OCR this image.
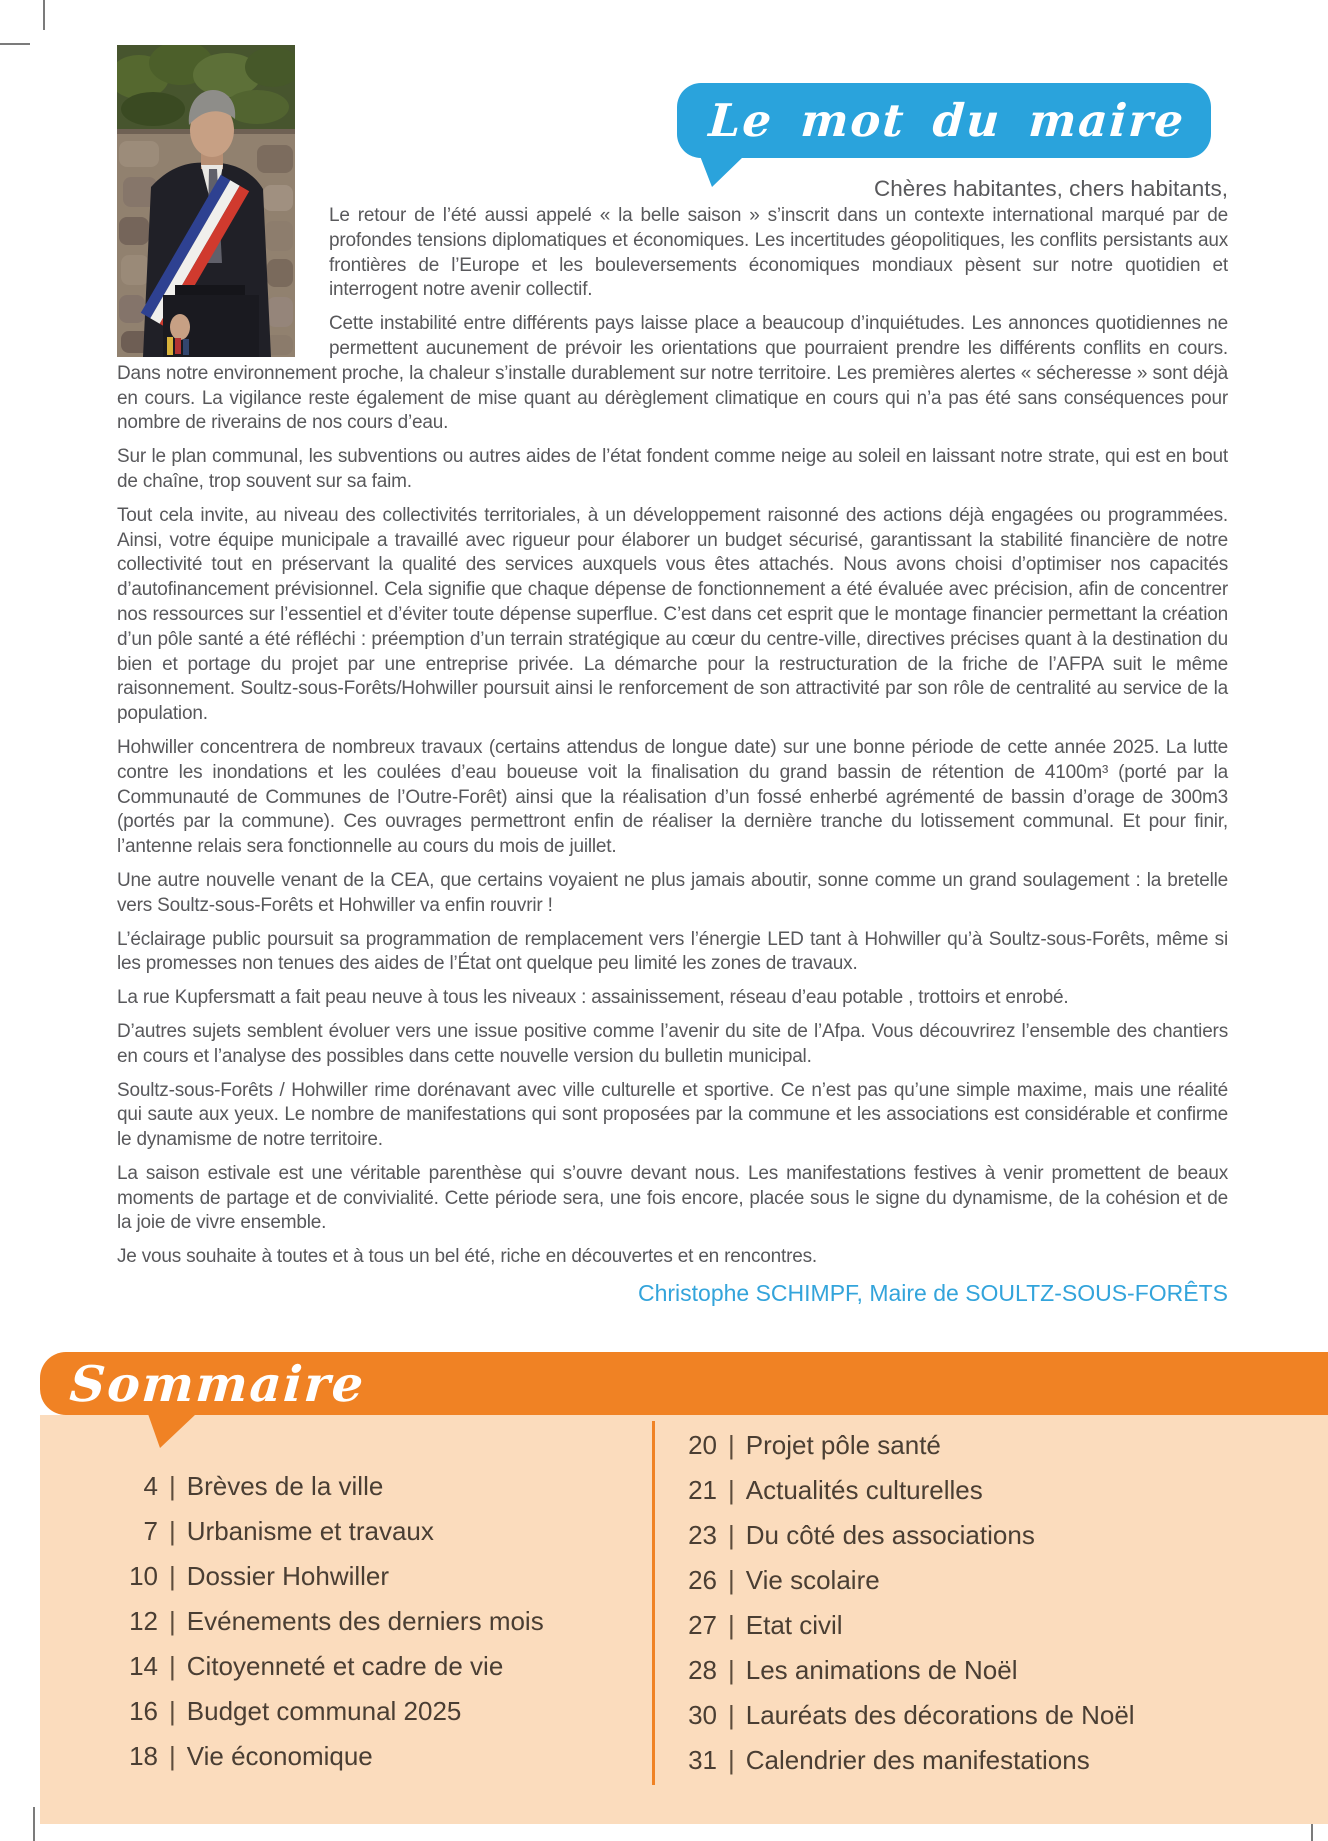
Le mot du maire
Chères habitantes, chers habitants,

Le retour de l’été aussi appelé « la belle saison » s’inscrit dans un contexte international marqué par de profondes tensions diplomatiques et économiques. Les incertitudes géopolitiques, les conflits persistants aux frontières de l’Europe et les bouleversements économiques mondiaux pèsent sur notre quotidien et interrogent notre avenir collectif.

Cette instabilité entre différents pays laisse place a beaucoup d’inquiétudes. Les annonces quotidiennes ne permettent aucunement de prévoir les orientations que pourraient prendre les différents conflits en cours. Dans notre environnement proche, la chaleur s’installe durablement sur notre territoire. Les premières alertes « sécheresse » sont déjà en cours. La vigilance reste également de mise quant au dérèglement climatique en cours qui n’a pas été sans conséquences pour nombre de riverains de nos cours d’eau.

Sur le plan communal, les subventions ou autres aides de l’état fondent comme neige au soleil en laissant notre strate, qui est en bout de chaîne, trop souvent sur sa faim.

Tout cela invite, au niveau des collectivités territoriales, à un développement raisonné des actions déjà engagées ou programmées. Ainsi, votre équipe municipale a travaillé avec rigueur pour élaborer un budget sécurisé, garantissant la stabilité financière de notre collectivité tout en préservant la qualité des services auxquels vous êtes attachés. Nous avons choisi d’optimiser nos capacités d’autofinancement prévisionnel. Cela signifie que chaque dépense de fonctionnement a été évaluée avec précision, afin de concentrer nos ressources sur l’essentiel et d’éviter toute dépense superflue. C’est dans cet esprit que le montage financier permettant la création d’un pôle santé a été réfléchi : préemption d’un terrain stratégique au cœur du centre-ville, directives précises quant à la destination du bien et portage du projet par une entreprise privée. La démarche pour la restructuration de la friche de l’AFPA suit le même raisonnement. Soultz-sous-Forêts/Hohwiller poursuit ainsi le renforcement de son attractivité par son rôle de centralité au service de la population.

Hohwiller concentrera de nombreux travaux (certains attendus de longue date) sur une bonne période de cette année 2025. La lutte contre les inondations et les coulées d’eau boueuse voit la finalisation du grand bassin de rétention de 4100m³ (porté par la Communauté de Communes de l’Outre-Forêt) ainsi que la réalisation d’un fossé enherbé agrémenté de bassin d’orage de 300m3 (portés par la commune). Ces ouvrages permettront enfin de réaliser la dernière tranche du lotissement communal. Et pour finir, l’antenne relais sera fonctionnelle au cours du mois de juillet.

Une autre nouvelle venant de la CEA, que certains voyaient ne plus jamais aboutir, sonne comme un grand soulagement : la bretelle vers Soultz-sous-Forêts et Hohwiller va enfin rouvrir !

L’éclairage public poursuit sa programmation de remplacement vers l’énergie LED tant à Hohwiller qu’à Soultz-sous-Forêts, même si les promesses non tenues des aides de l’État ont quelque peu limité les zones de travaux.

La rue Kupfersmatt a fait peau neuve à tous les niveaux : assainissement, réseau d’eau potable , trottoirs et enrobé.

D’autres sujets semblent évoluer vers une issue positive comme l’avenir du site de l’Afpa. Vous découvrirez l’ensemble des chantiers en cours et l’analyse des possibles dans cette nouvelle version du bulletin municipal.

Soultz-sous-Forêts / Hohwiller rime dorénavant avec ville culturelle et sportive. Ce n’est pas qu’une simple maxime, mais une réalité qui saute aux yeux. Le nombre de manifestations qui sont proposées par la commune et les associations est considérable et confirme le dynamisme de notre territoire.

La saison estivale est une véritable parenthèse qui s’ouvre devant nous. Les manifestations festives à venir promettent de beaux moments de partage et de convivialité. Cette période sera, une fois encore, placée sous le signe du dynamisme, de la cohésion et de la joie de vivre ensemble.

Je vous souhaite à toutes et à tous un bel été, riche en découvertes et en rencontres.

Christophe SCHIMPF, Maire de SOULTZ-SOUS-FORÊTS
Sommaire
4 | Brèves de la ville
7 | Urbanisme et travaux
10 | Dossier Hohwiller
12 | Evénements des derniers mois
14 | Citoyenneté et cadre de vie
16 | Budget communal 2025
18 | Vie économique
20 | Projet pôle santé
21 | Actualités culturelles
23 | Du côté des associations
26 | Vie scolaire
27 | Etat civil
28 | Les animations de Noël
30 | Lauréats des décorations de Noël
31 | Calendrier des manifestations
